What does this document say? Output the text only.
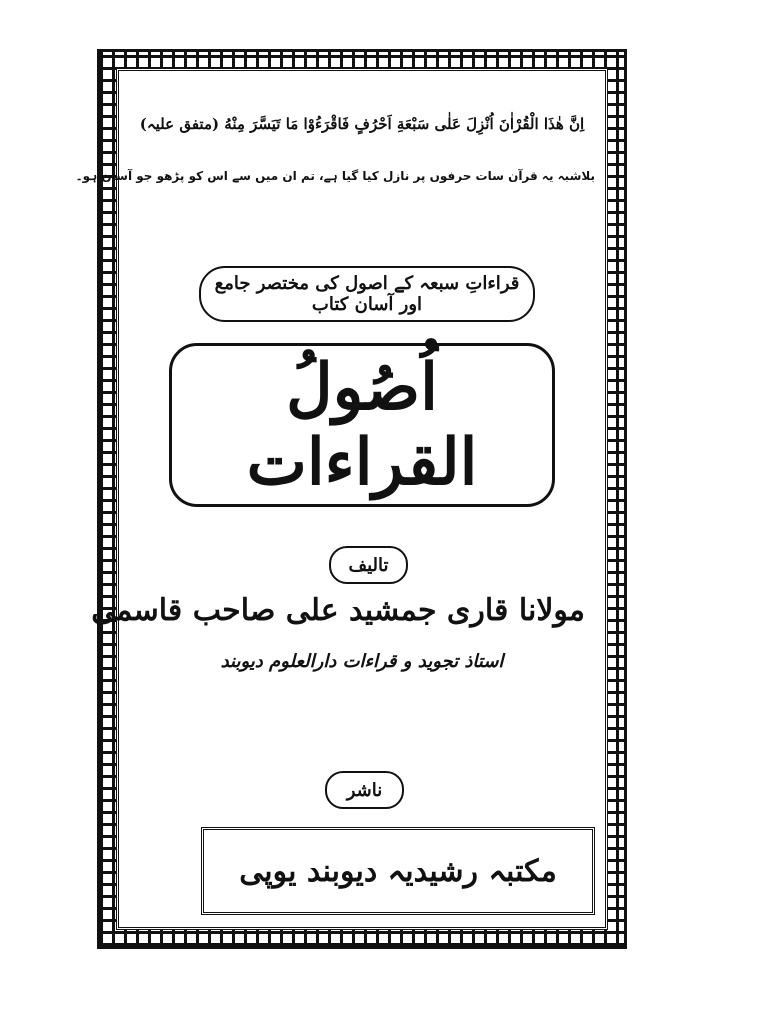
اِنَّ هٰذَا الْقُرْاٰنَ اُنْزِلَ عَلٰی سَبْعَةِ اَحْرُفٍ فَاقْرَءُوْا مَا تَيَسَّرَ مِنْهُ (متفق علیہ)
بلاشبہ یہ قرآن سات حرفوں پر نازل کیا گیا ہے، تم ان میں سے اس کو پڑھو جو آسان ہو۔
قراءاتِ سبعہ کے اصول کی مختصر جامع اور آسان کتاب
اُصُولُ القراءات
تالیف
مولانا قاری جمشید علی صاحب قاسمی
استاذ تجوید و قراءات دارالعلوم دیوبند
ناشر
مکتبہ رشیدیہ دیوبند یوپی
